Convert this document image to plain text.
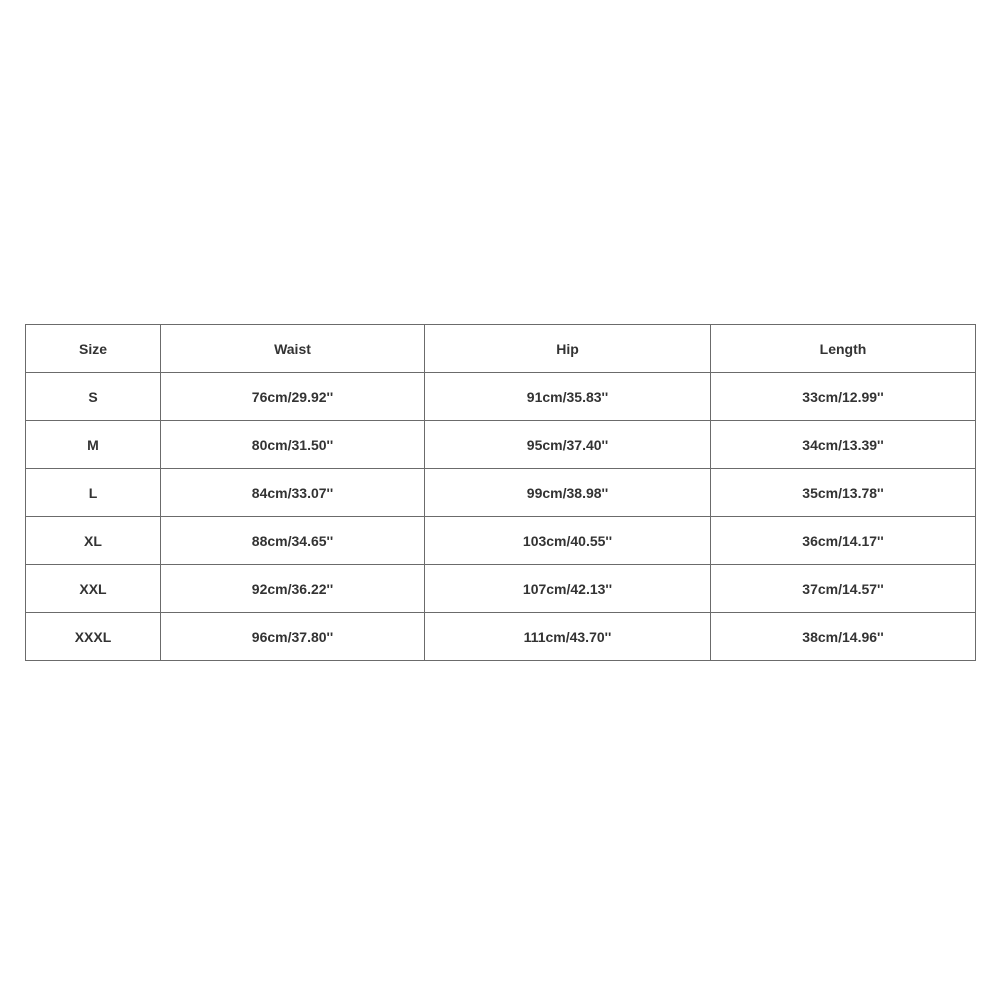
Size	Waist	Hip	Length
S	76cm/29.92''	91cm/35.83''	33cm/12.99''
M	80cm/31.50''	95cm/37.40''	34cm/13.39''
L	84cm/33.07''	99cm/38.98''	35cm/13.78''
XL	88cm/34.65''	103cm/40.55''	36cm/14.17''
XXL	92cm/36.22''	107cm/42.13''	37cm/14.57''
XXXL	96cm/37.80''	111cm/43.70''	38cm/14.96''
